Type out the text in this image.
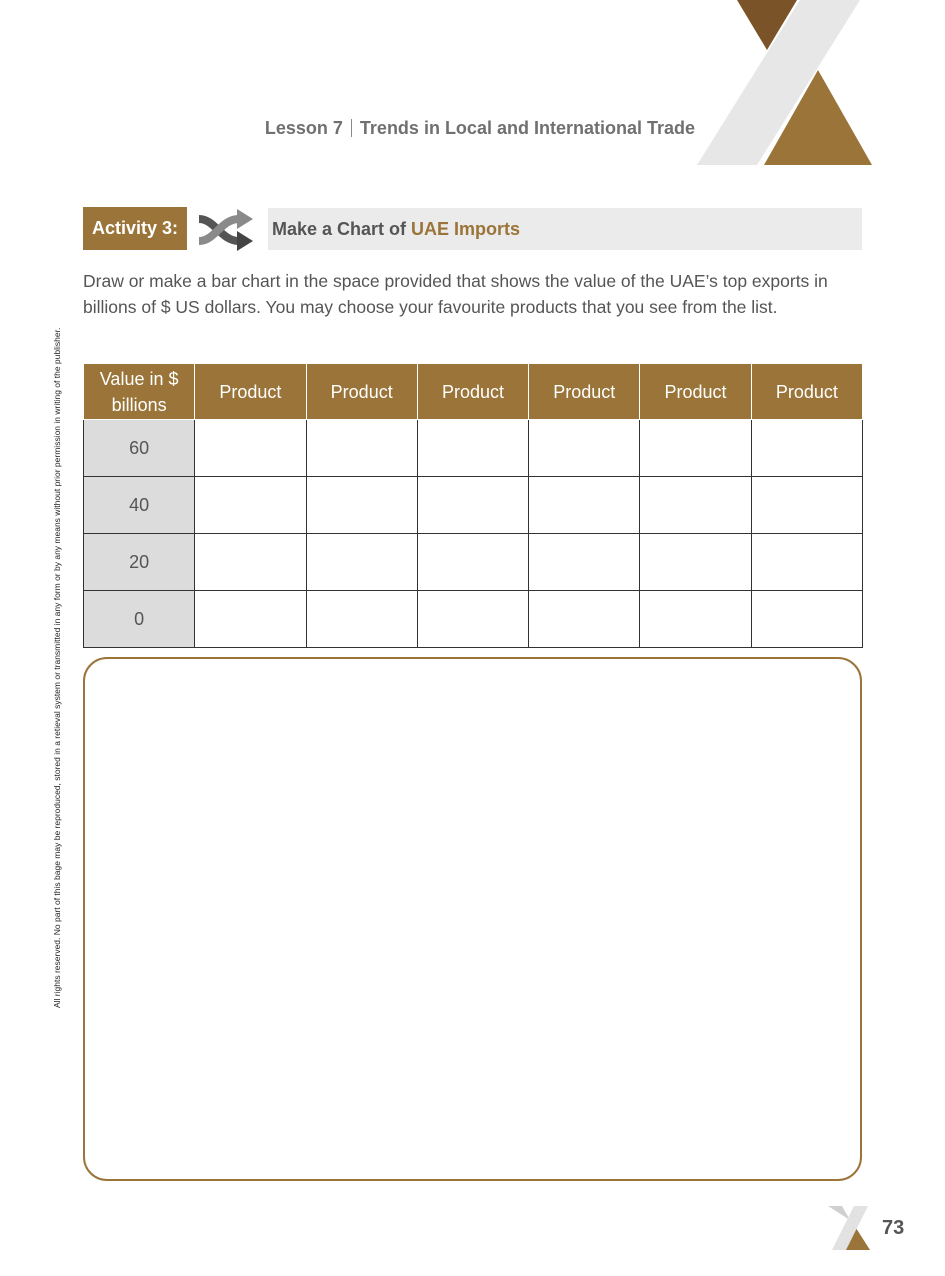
Lesson 7 Trends in Local and International Trade
Activity 3:	Make a Chart of UAE Imports

Draw or make a bar chart in the space provided that shows the value of the UAE’s top exports in billions of $ US dollars. You may choose your favourite products that you see from the list.

Value in $ billions	Product	Product	Product	Product	Product	Product
60						
40						
20						
0						
All rights reserved. No part of this bage may be reproduced, stored in a retieval system or transmitted in any form or by any means without prior permission in writing of the publisher.
73
